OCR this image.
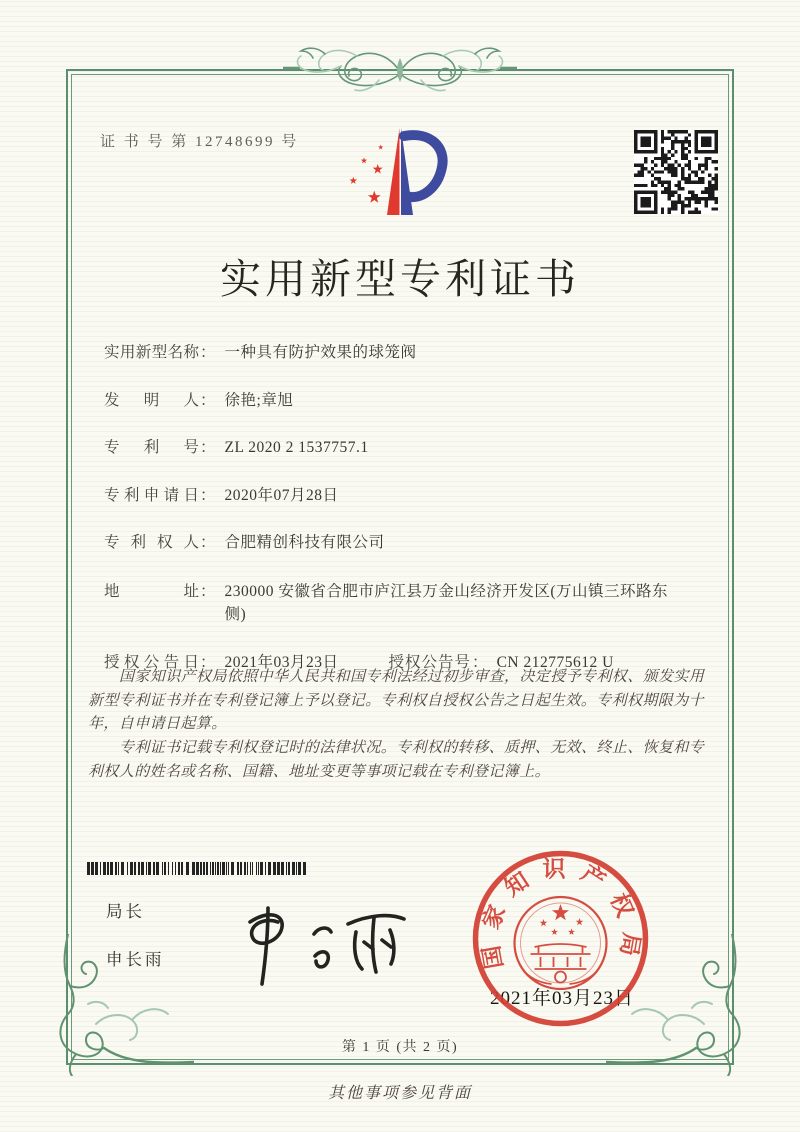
证 书 号 第 12748699 号
实用新型专利证书
实用新型名称 ： 一种具有防护效果的球笼阀
发明人 ： 徐艳;章旭
专利号 ： ZL 2020 2 1537757.1
专利申请日 ： 2020年07月28日
专利权人 ： 合肥精创科技有限公司
地址 ： 230000 安徽省合肥市庐江县万金山经济开发区(万山镇三环路东侧)
授权公告日 ： 2021年03月23日	授权公告号 ： CN 212775612 U

国家知识产权局依照中华人民共和国专利法经过初步审查，决定授予专利权、颁发实用新型专利证书并在专利登记簿上予以登记。专利权自授权公告之日起生效。专利权期限为十年，自申请日起算。

专利证书记载专利权登记时的法律状况。专利权的转移、质押、无效、终止、恢复和专利权人的姓名或名称、国籍、地址变更等事项记载在专利登记簿上。

局长
申长雨
2021年03月23日
国家知识产权局
第 1 页 (共 2 页)
其他事项参见背面
